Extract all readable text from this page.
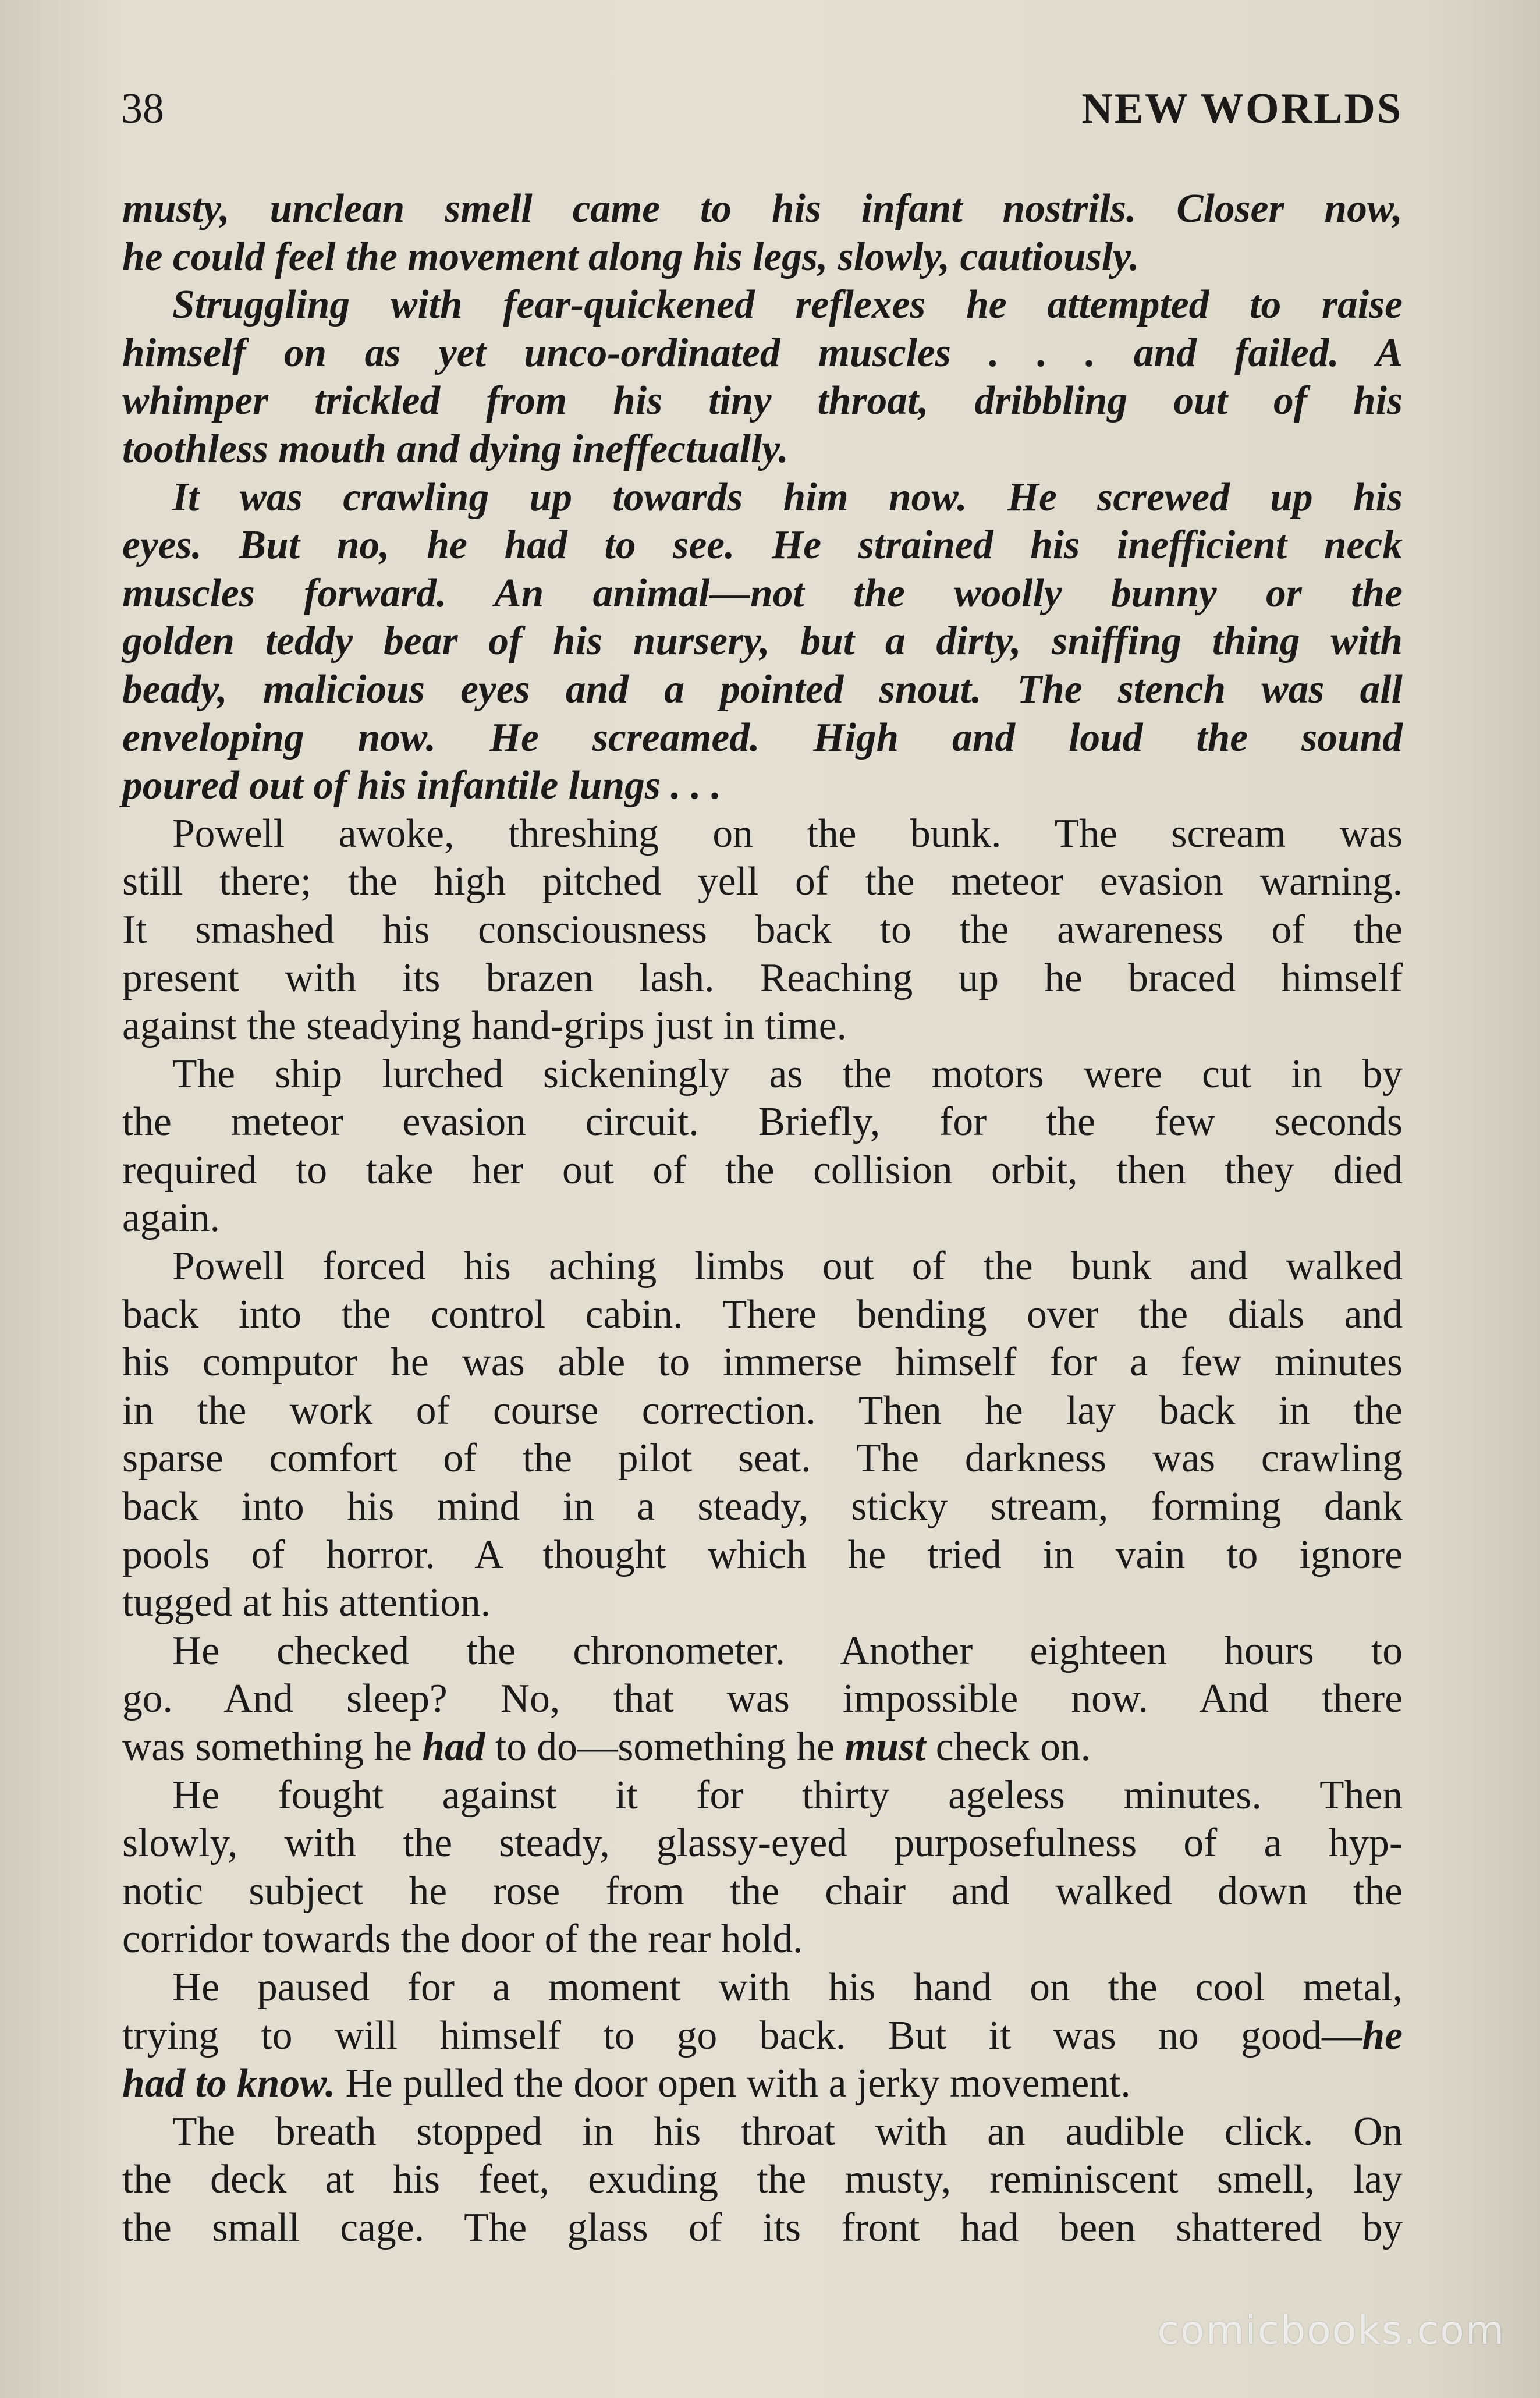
38	NEW WORLDS
musty, unclean smell came to his infant nostrils. Closer now,
he could feel the movement along his legs, slowly, cautiously.
Struggling with fear-quickened reflexes he attempted to raise
himself on as yet unco-ordinated muscles . . . and failed. A
whimper trickled from his tiny throat, dribbling out of his
toothless mouth and dying ineffectually.
It was crawling up towards him now. He screwed up his
eyes. But no, he had to see. He strained his inefficient neck
muscles forward. An animal—not the woolly bunny or the
golden teddy bear of his nursery, but a dirty, sniffing thing with
beady, malicious eyes and a pointed snout. The stench was all
enveloping now. He screamed. High and loud the sound
poured out of his infantile lungs . . .
Powell awoke, threshing on the bunk. The scream was
still there; the high pitched yell of the meteor evasion warning.
It smashed his consciousness back to the awareness of the
present with its brazen lash. Reaching up he braced himself
against the steadying hand-grips just in time.
The ship lurched sickeningly as the motors were cut in by
the meteor evasion circuit. Briefly, for the few seconds
required to take her out of the collision orbit, then they died
again.
Powell forced his aching limbs out of the bunk and walked
back into the control cabin. There bending over the dials and
his computor he was able to immerse himself for a few minutes
in the work of course correction. Then he lay back in the
sparse comfort of the pilot seat. The darkness was crawling
back into his mind in a steady, sticky stream, forming dank
pools of horror. A thought which he tried in vain to ignore
tugged at his attention.
He checked the chronometer. Another eighteen hours to
go. And sleep? No, that was impossible now. And there
was something he had to do—something he must check on.
He fought against it for thirty ageless minutes. Then
slowly, with the steady, glassy-eyed purposefulness of a hyp-
notic subject he rose from the chair and walked down the
corridor towards the door of the rear hold.
He paused for a moment with his hand on the cool metal,
trying to will himself to go back. But it was no good—he
had to know. He pulled the door open with a jerky movement.
The breath stopped in his throat with an audible click. On
the deck at his feet, exuding the musty, reminiscent smell, lay
the small cage. The glass of its front had been shattered by
comicbooks.com
